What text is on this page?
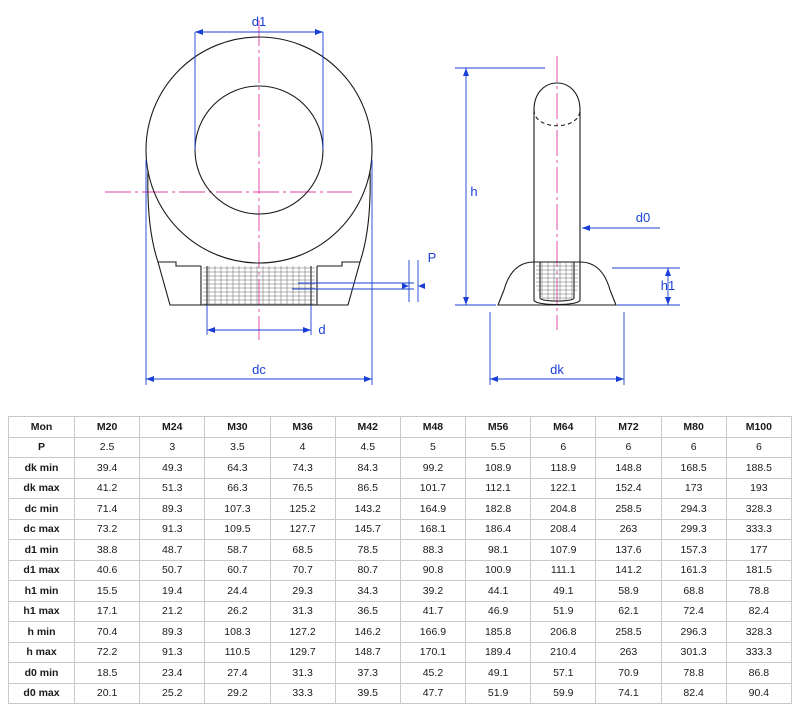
d1
d
dc
P
h
d0
h1
dk
Mon	M20	M24	M30	M36	M42	M48	M56	M64	M72	M80	M100
P	2.5	3	3.5	4	4.5	5	5.5	6	6	6	6
dk min	39.4	49.3	64.3	74.3	84.3	99.2	108.9	118.9	148.8	168.5	188.5
dk max	41.2	51.3	66.3	76.5	86.5	101.7	112.1	122.1	152.4	173	193
dc min	71.4	89.3	107.3	125.2	143.2	164.9	182.8	204.8	258.5	294.3	328.3
dc max	73.2	91.3	109.5	127.7	145.7	168.1	186.4	208.4	263	299.3	333.3
d1 min	38.8	48.7	58.7	68.5	78.5	88.3	98.1	107.9	137.6	157.3	177
d1 max	40.6	50.7	60.7	70.7	80.7	90.8	100.9	111.1	141.2	161.3	181.5
h1 min	15.5	19.4	24.4	29.3	34.3	39.2	44.1	49.1	58.9	68.8	78.8
h1 max	17.1	21.2	26.2	31.3	36.5	41.7	46.9	51.9	62.1	72.4	82.4
h min	70.4	89.3	108.3	127.2	146.2	166.9	185.8	206.8	258.5	296.3	328.3
h max	72.2	91.3	110.5	129.7	148.7	170.1	189.4	210.4	263	301.3	333.3
d0 min	18.5	23.4	27.4	31.3	37.3	45.2	49.1	57.1	70.9	78.8	86.8
d0 max	20.1	25.2	29.2	33.3	39.5	47.7	51.9	59.9	74.1	82.4	90.4
